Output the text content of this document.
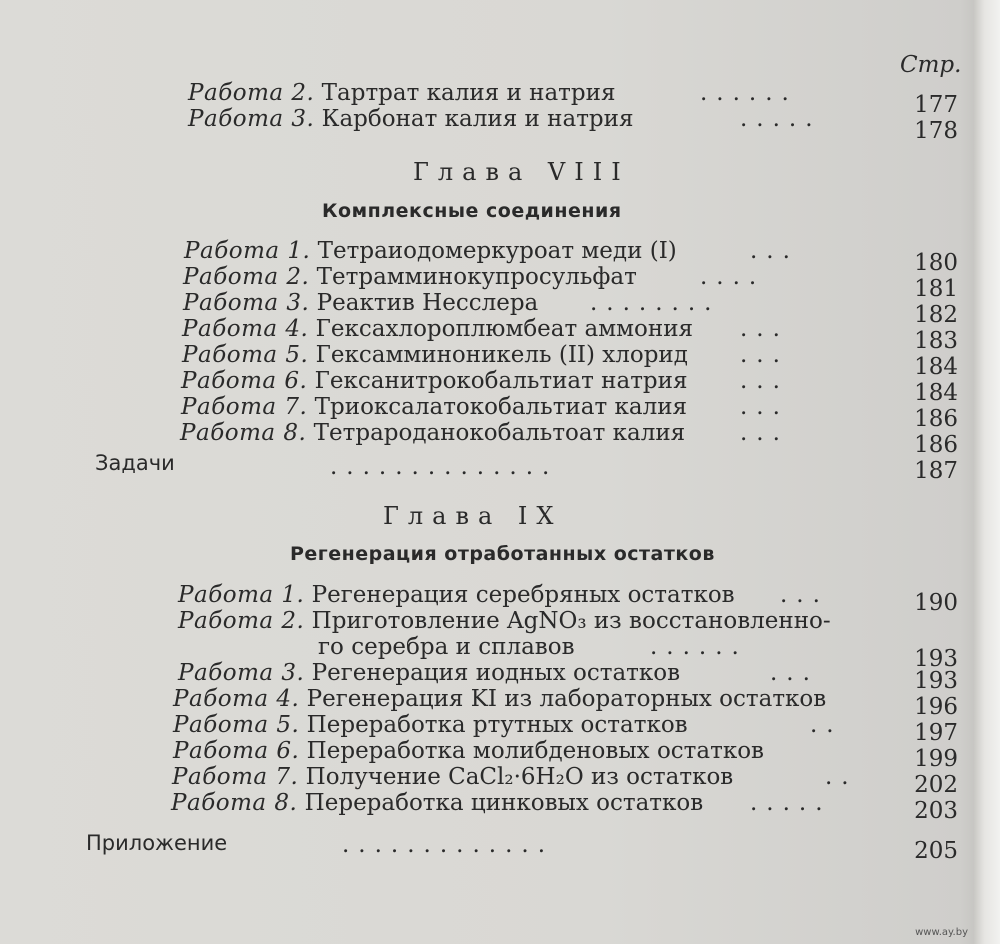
Стр.
Работа 2. Тартрат калия и натрия	......	177
Работа 3. Карбонат калия и натрия	.....	178
Глава VIII
Комплексные соединения
Работа 1. Тетраиодомеркуроат меди (I)	...	180
Работа 2. Тетрамминокупросульфат	....	181
Работа 3. Реактив Несслера ........	182
Работа 4. Гексахлороплюмбеат аммония ...	183
Работа 5. Гексамминоникель (II) хлорид ...	184
Работа 6. Гексанитрокобальтиат натрия ...	184
Работа 7. Триоксалатокобальтиат калия ...	186
Работа 8. Тетрароданокобальтоат калия ...	186
Задачи	..............	187
Глава IX
Регенерация отработанных остатков
Работа 1. Регенерация серебряных остатков ...	190
Работа 2. Приготовление AgNO₃ из восстановленно-
го серебра и сплавов	......	193
Работа 3. Регенерация иодных остатков	...	193
Работа 4. Регенерация KI из лабораторных остатков	196
Работа 5. Переработка ртутных остатков	..	197
Работа 6. Переработка молибденовых остатков	199
Работа 7. Получение CaCl₂·6H₂O из остатков	..	202
Работа 8. Переработка цинковых остатков .....	203
Приложение	.............	205
www.ay.by
